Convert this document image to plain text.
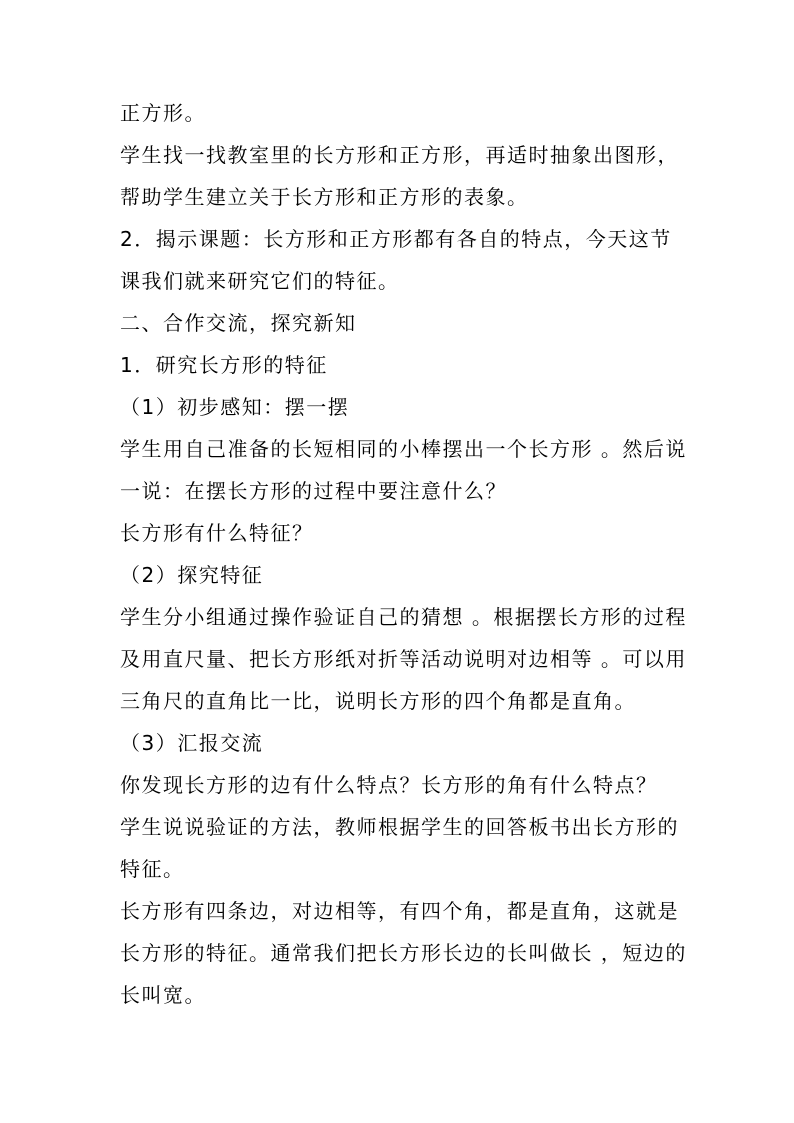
正方形。
学生找一找教室里的长方形和正方形，再适时抽象出图形，
帮助学生建立关于长方形和正方形的表象。
2．揭示课题：长方形和正方形都有各自的特点，今天这节
课我们就来研究它们的特征。
二、合作交流，探究新知
1．研究长方形的特征
（1）初步感知：摆一摆
学生用自己准备的长短相同的小棒摆出一个长方形 。然后说
一说：在摆长方形的过程中要注意什么？
长方形有什么特征？
（2）探究特征
学生分小组通过操作验证自己的猜想 。根据摆长方形的过程
及用直尺量、把长方形纸对折等活动说明对边相等 。可以用
三角尺的直角比一比，说明长方形的四个角都是直角。
（3）汇报交流
你发现长方形的边有什么特点？长方形的角有什么特点？
学生说说验证的方法，教师根据学生的回答板书出长方形的
特征。
长方形有四条边，对边相等，有四个角，都是直角，这就是
长方形的特征。通常我们把长方形长边的长叫做长 ，短边的
长叫宽。
